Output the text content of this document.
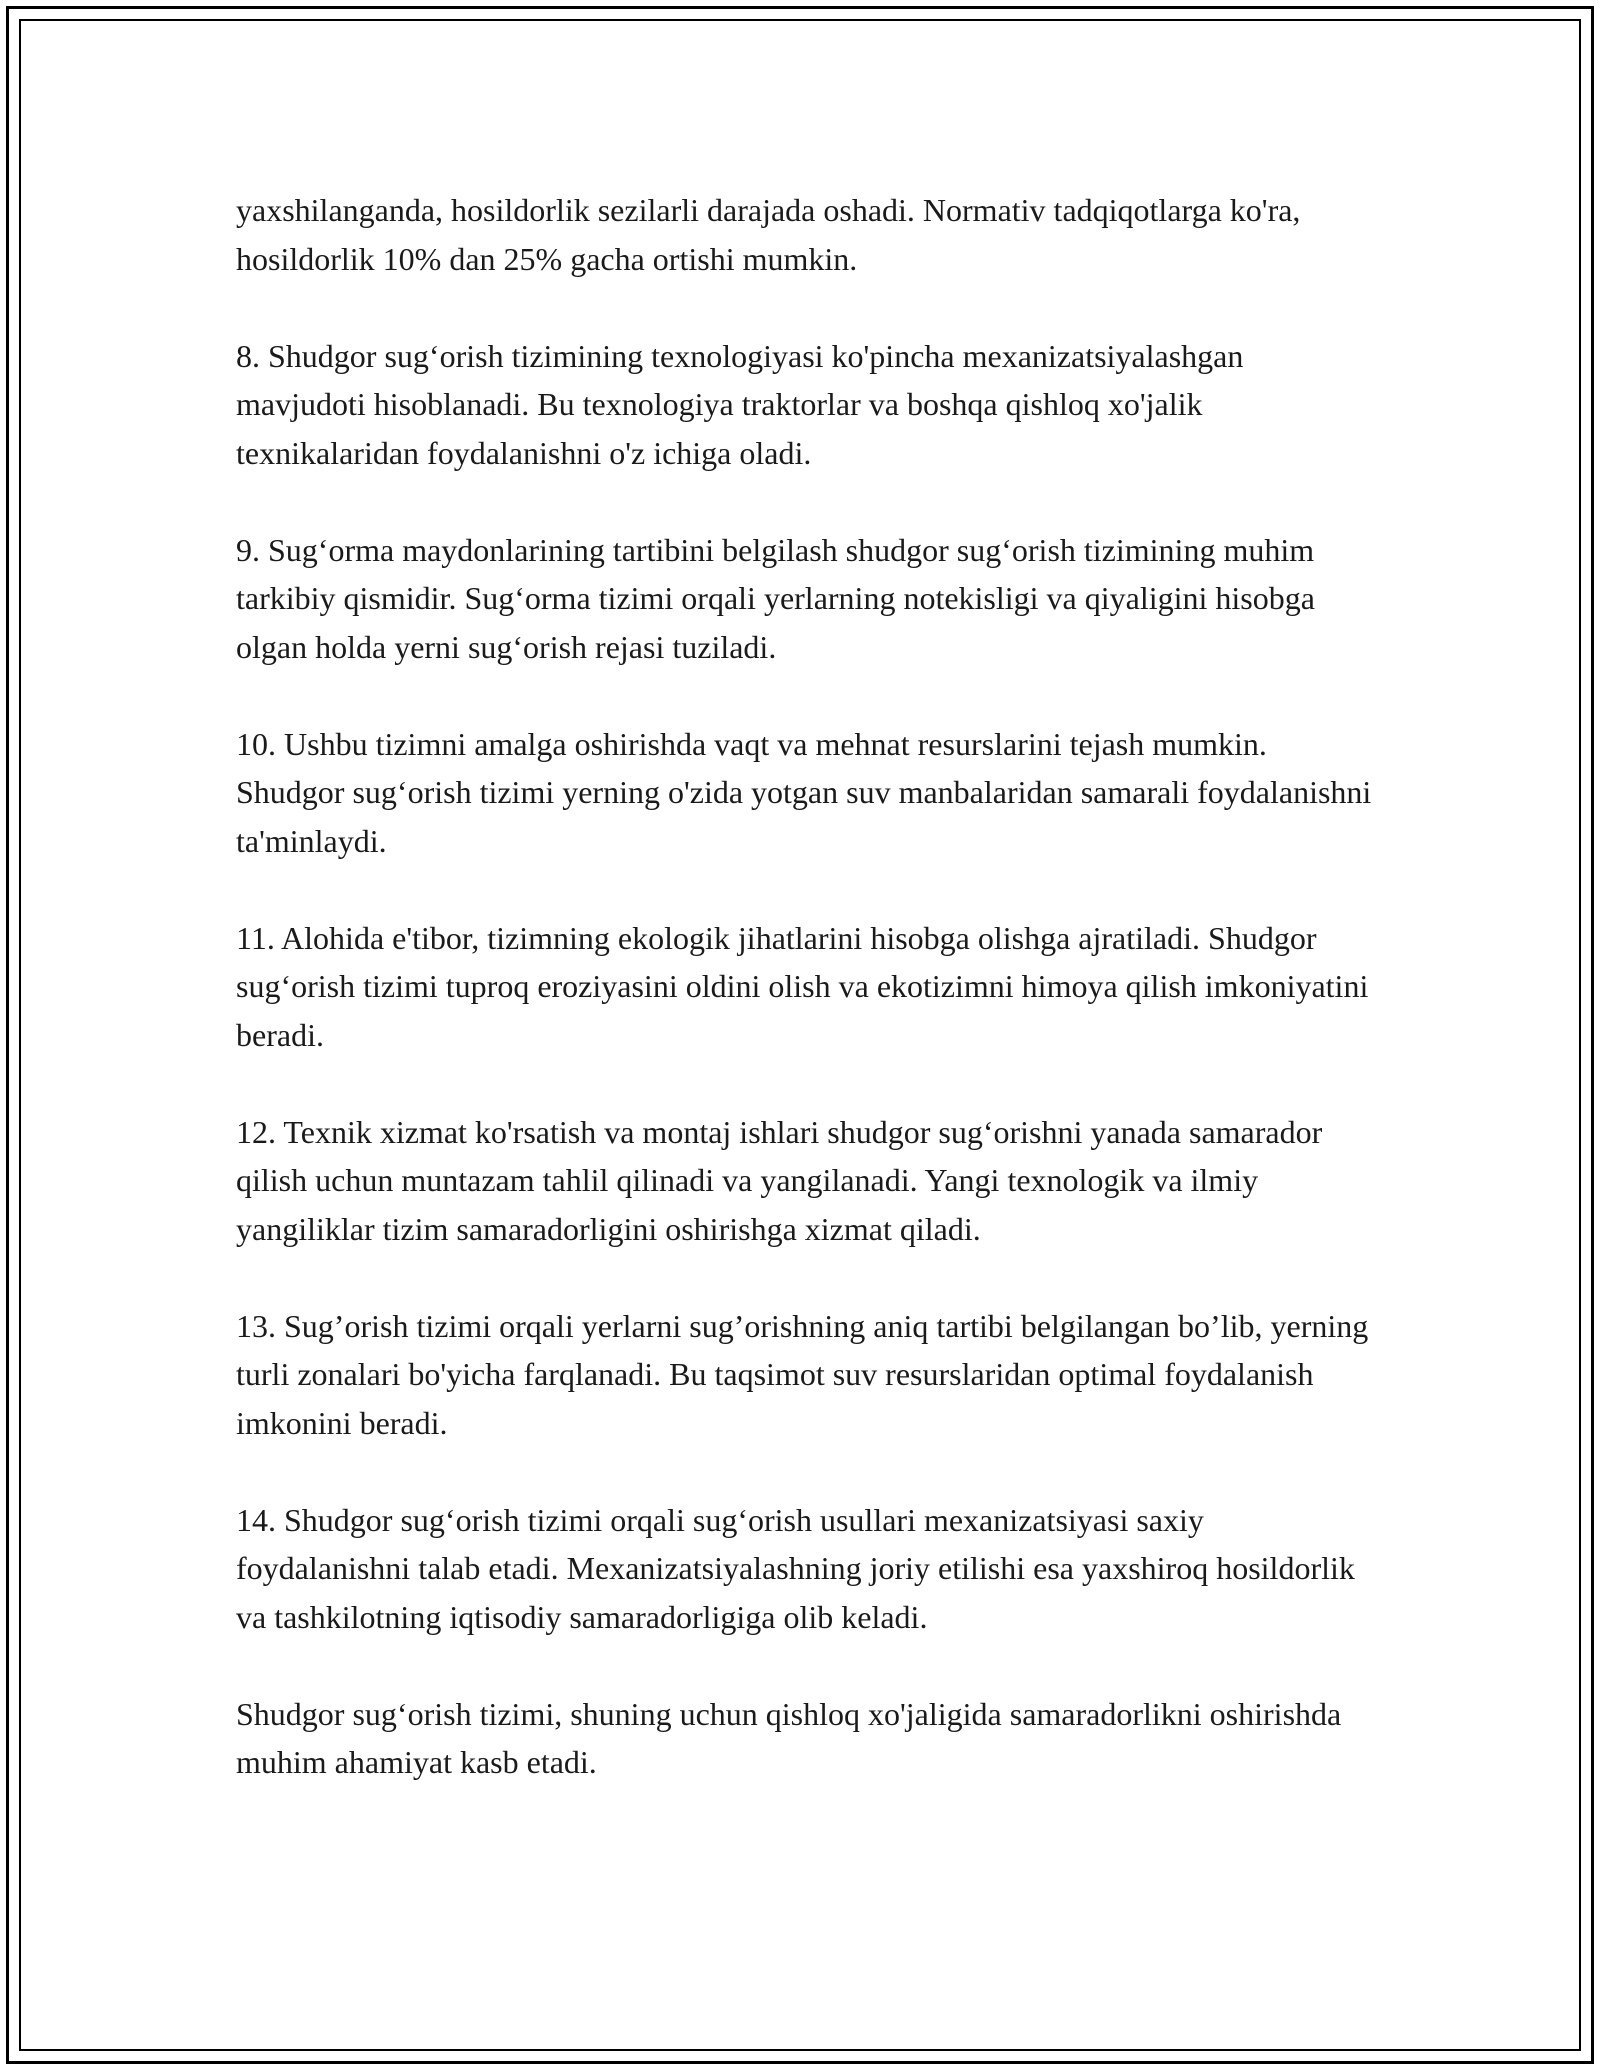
yaxshilanganda, hosildorlik sezilarli darajada oshadi. Normativ tadqiqotlarga ko'ra, hosildorlik 10% dan 25% gacha ortishi mumkin.

8. Shudgor sug‘orish tizimining texnologiyasi ko'pincha mexanizatsiyalashgan mavjudoti hisoblanadi. Bu texnologiya traktorlar va boshqa qishloq xo'jalik texnikalaridan foydalanishni o'z ichiga oladi.

9. Sug‘orma maydonlarining tartibini belgilash shudgor sug‘orish tizimining muhim tarkibiy qismidir. Sug‘orma tizimi orqali yerlarning notekisligi va qiyaligini hisobga olgan holda yerni sug‘orish rejasi tuziladi.

10. Ushbu tizimni amalga oshirishda vaqt va mehnat resurslarini tejash mumkin. Shudgor sug‘orish tizimi yerning o'zida yotgan suv manbalaridan samarali foydalanishni ta'minlaydi.

11. Alohida e'tibor, tizimning ekologik jihatlarini hisobga olishga ajratiladi. Shudgor sug‘orish tizimi tuproq eroziyasini oldini olish va ekotizimni himoya qilish imkoniyatini beradi.

12. Texnik xizmat ko'rsatish va montaj ishlari shudgor sug‘orishni yanada samarador qilish uchun muntazam tahlil qilinadi va yangilanadi. Yangi texnologik va ilmiy yangiliklar tizim samaradorligini oshirishga xizmat qiladi.

13. Sug’orish tizimi orqali yerlarni sug’orishning aniq tartibi belgilangan bo’lib, yerning turli zonalari bo'yicha farqlanadi. Bu taqsimot suv resurslaridan optimal foydalanish imkonini beradi.

14. Shudgor sug‘orish tizimi orqali sug‘orish usullari mexanizatsiyasi saxiy foydalanishni talab etadi. Mexanizatsiyalashning joriy etilishi esa yaxshiroq hosildorlik va tashkilotning iqtisodiy samaradorligiga olib keladi.

Shudgor sug‘orish tizimi, shuning uchun qishloq xo'jaligida samaradorlikni oshirishda muhim ahamiyat kasb etadi.
